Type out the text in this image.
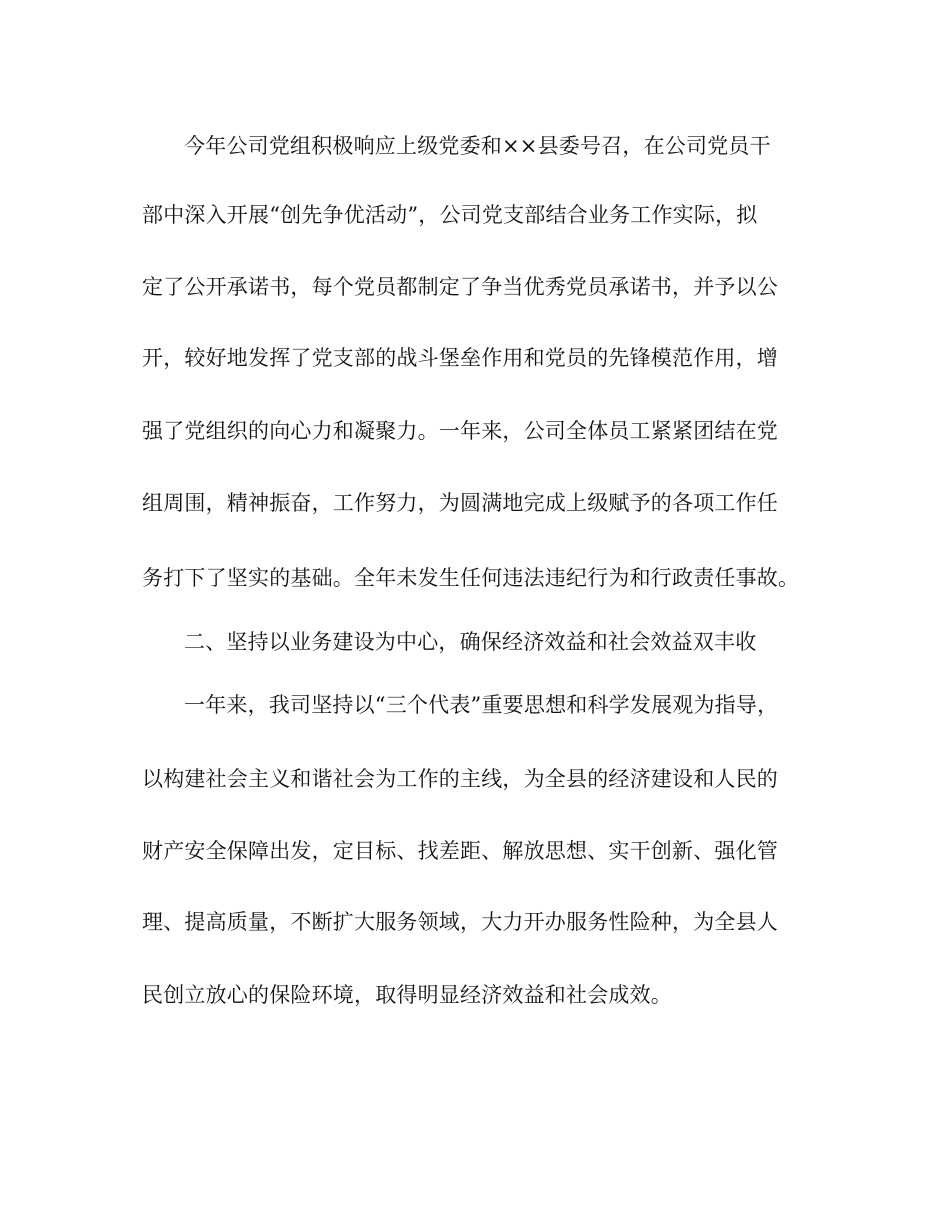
今年公司党组积极响应上级党委和××县委号召，在公司党员干
部中深入开展“创先争优活动”，公司党支部结合业务工作实际，拟
定了公开承诺书，每个党员都制定了争当优秀党员承诺书，并予以公
开，较好地发挥了党支部的战斗堡垒作用和党员的先锋模范作用，增
强了党组织的向心力和凝聚力。一年来，公司全体员工紧紧团结在党
组周围，精神振奋，工作努力，为圆满地完成上级赋予的各项工作任
务打下了坚实的基础。全年未发生任何违法违纪行为和行政责任事故。
二、坚持以业务建设为中心，确保经济效益和社会效益双丰收
一年来，我司坚持以“三个代表”重要思想和科学发展观为指导，
以构建社会主义和谐社会为工作的主线，为全县的经济建设和人民的
财产安全保障出发，定目标、找差距、解放思想、实干创新、强化管
理、提高质量，不断扩大服务领域，大力开办服务性险种，为全县人
民创立放心的保险环境，取得明显经济效益和社会成效。
